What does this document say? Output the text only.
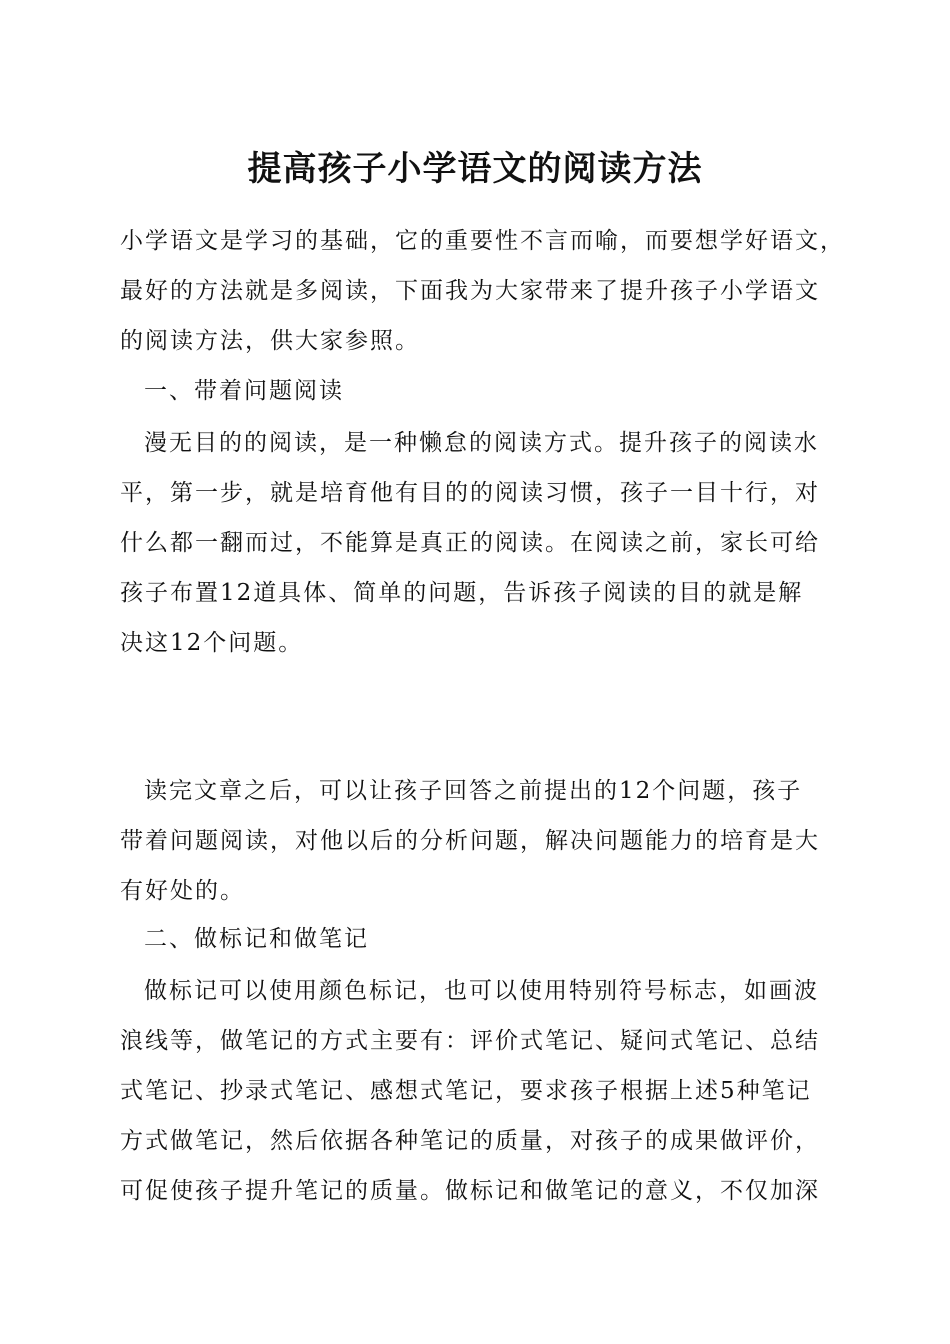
提高孩子小学语文的阅读方法

小学语文是学习的基础，它的重要性不言而喻，而要想学好语文，
最好的方法就是多阅读，下面我为大家带来了提升孩子小学语文
的阅读方法，供大家参照。

一、带着问题阅读

漫无目的的阅读，是一种懒怠的阅读方式。提升孩子的阅读水
平，第一步，就是培育他有目的的阅读习惯，孩子一目十行，对
什么都一翻而过，不能算是真正的阅读。在阅读之前，家长可给
孩子布置12道具体、简单的问题，告诉孩子阅读的目的就是解
决这12个问题。

读完文章之后，可以让孩子回答之前提出的12个问题，孩子
带着问题阅读，对他以后的分析问题，解决问题能力的培育是大
有好处的。

二、做标记和做笔记

做标记可以使用颜色标记，也可以使用特别符号标志，如画波
浪线等，做笔记的方式主要有：评价式笔记、疑问式笔记、总结
式笔记、抄录式笔记、感想式笔记，要求孩子根据上述5种笔记
方式做笔记，然后依据各种笔记的质量，对孩子的成果做评价，
可促使孩子提升笔记的质量。做标记和做笔记的意义，不仅加深
